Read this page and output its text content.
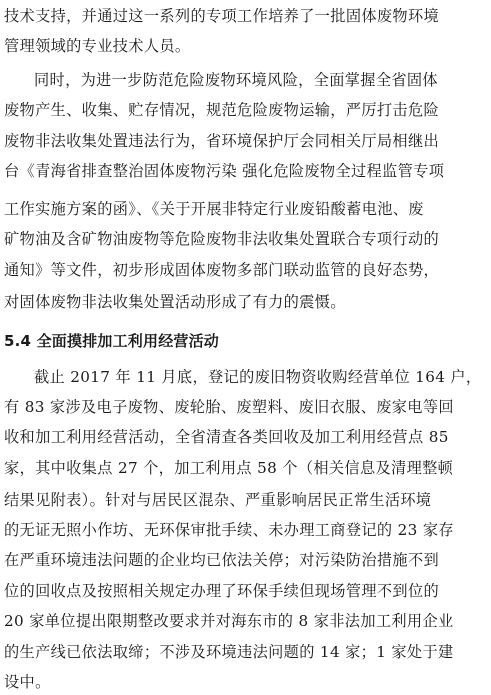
技术支持，并通过这一系列的专项工作培养了一批固体废物环境
管理领域的专业技术人员。
同时，为进一步防范危险废物环境风险，全面掌握全省固体
废物产生、收集、贮存情况，规范危险废物运输，严厉打击危险
废物非法收集处置违法行为，省环境保护厅会同相关厅局相继出
台《青海省排查整治固体废物污染 强化危险废物全过程监管专项
工作实施方案的函》、《关于开展非特定行业废铅酸蓄电池、废
矿物油及含矿物油废物等危险废物非法收集处置联合专项行动的
通知》等文件，初步形成固体废物多部门联动监管的良好态势，
对固体废物非法收集处置活动形成了有力的震慑。
5.4 全面摸排加工利用经营活动
截止 2017 年 11 月底，登记的废旧物资收购经营单位 164 户，
有 83 家涉及电子废物、废轮胎、废塑料、废旧衣服、废家电等回
收和加工利用经营活动，全省清查各类回收及加工利用经营点 85
家，其中收集点 27 个，加工利用点 58 个（相关信息及清理整顿
结果见附表）。针对与居民区混杂、严重影响居民正常生活环境
的无证无照小作坊、无环保审批手续、未办理工商登记的 23 家存
在严重环境违法问题的企业均已依法关停；对污染防治措施不到
位的回收点及按照相关规定办理了环保手续但现场管理不到位的
20 家单位提出限期整改要求并对海东市的 8 家非法加工利用企业
的生产线已依法取缔；不涉及环境违法问题的 14 家；1 家处于建
设中。
